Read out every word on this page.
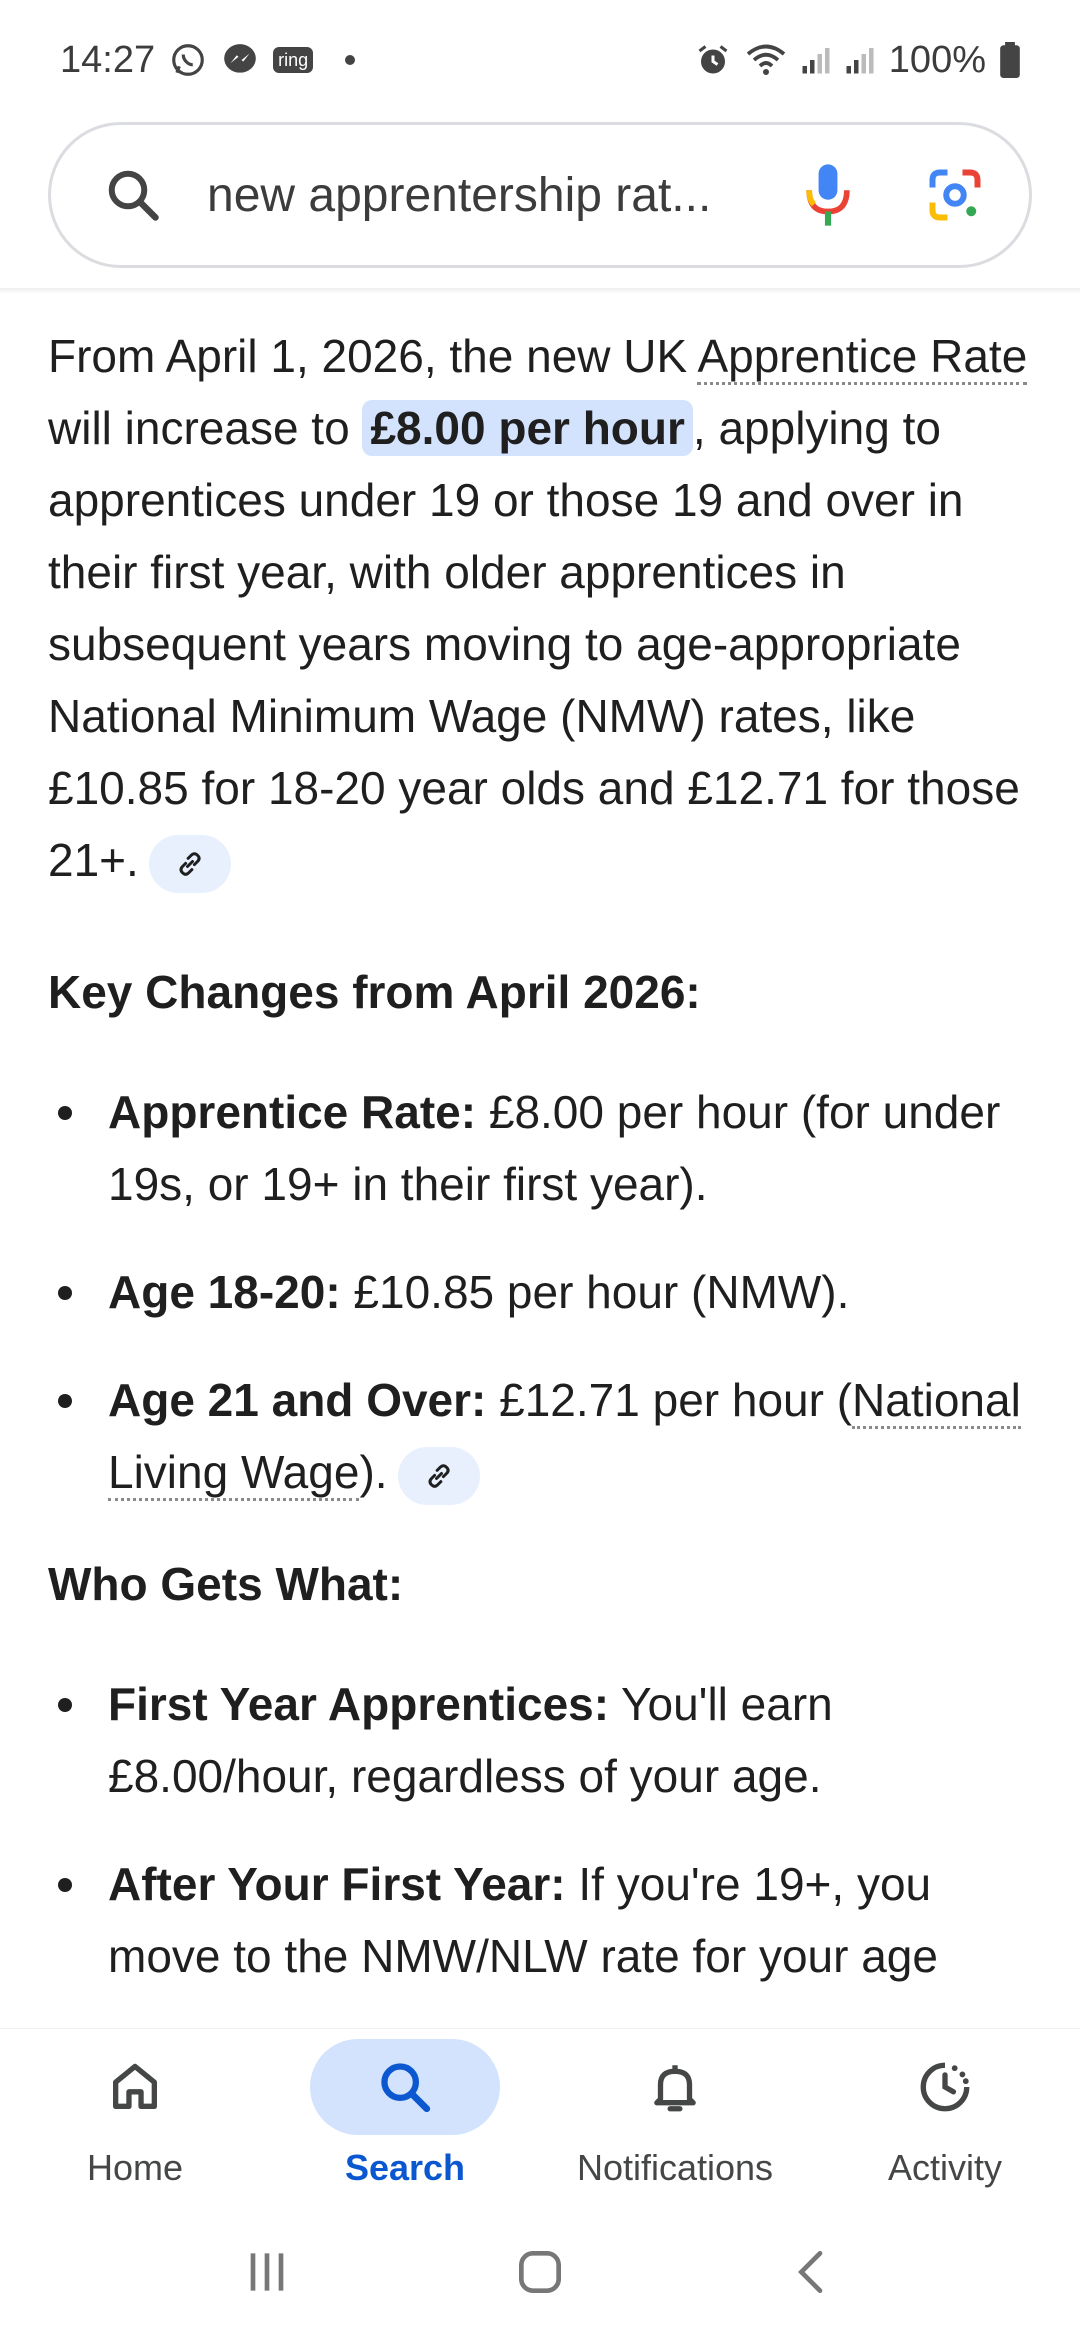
14:27	ring	100%
new apprentership rat...

From April 1, 2026, the new UK Apprentice Rate will increase to £8.00 per hour , applying to apprentices under 19 or those 19 and over in their first year, with older apprentices in subsequent years moving to age-appropriate National Minimum Wage (NMW) rates, like £10.85 for 18-20 year olds and £12.71 for those 21+.

Key Changes from April 2026:
Apprentice Rate: £8.00 per hour (for under 19s, or 19+ in their first year).
Age 18-20: £10.85 per hour (NMW).
Age 21 and Over: £12.71 per hour (National Living Wage).
Who Gets What:
First Year Apprentices: You'll earn £8.00/hour, regardless of your age.
After Your First Year: If you're 19+, you move to the NMW/NLW rate for your age
Home	Search	Notifications	Activity
